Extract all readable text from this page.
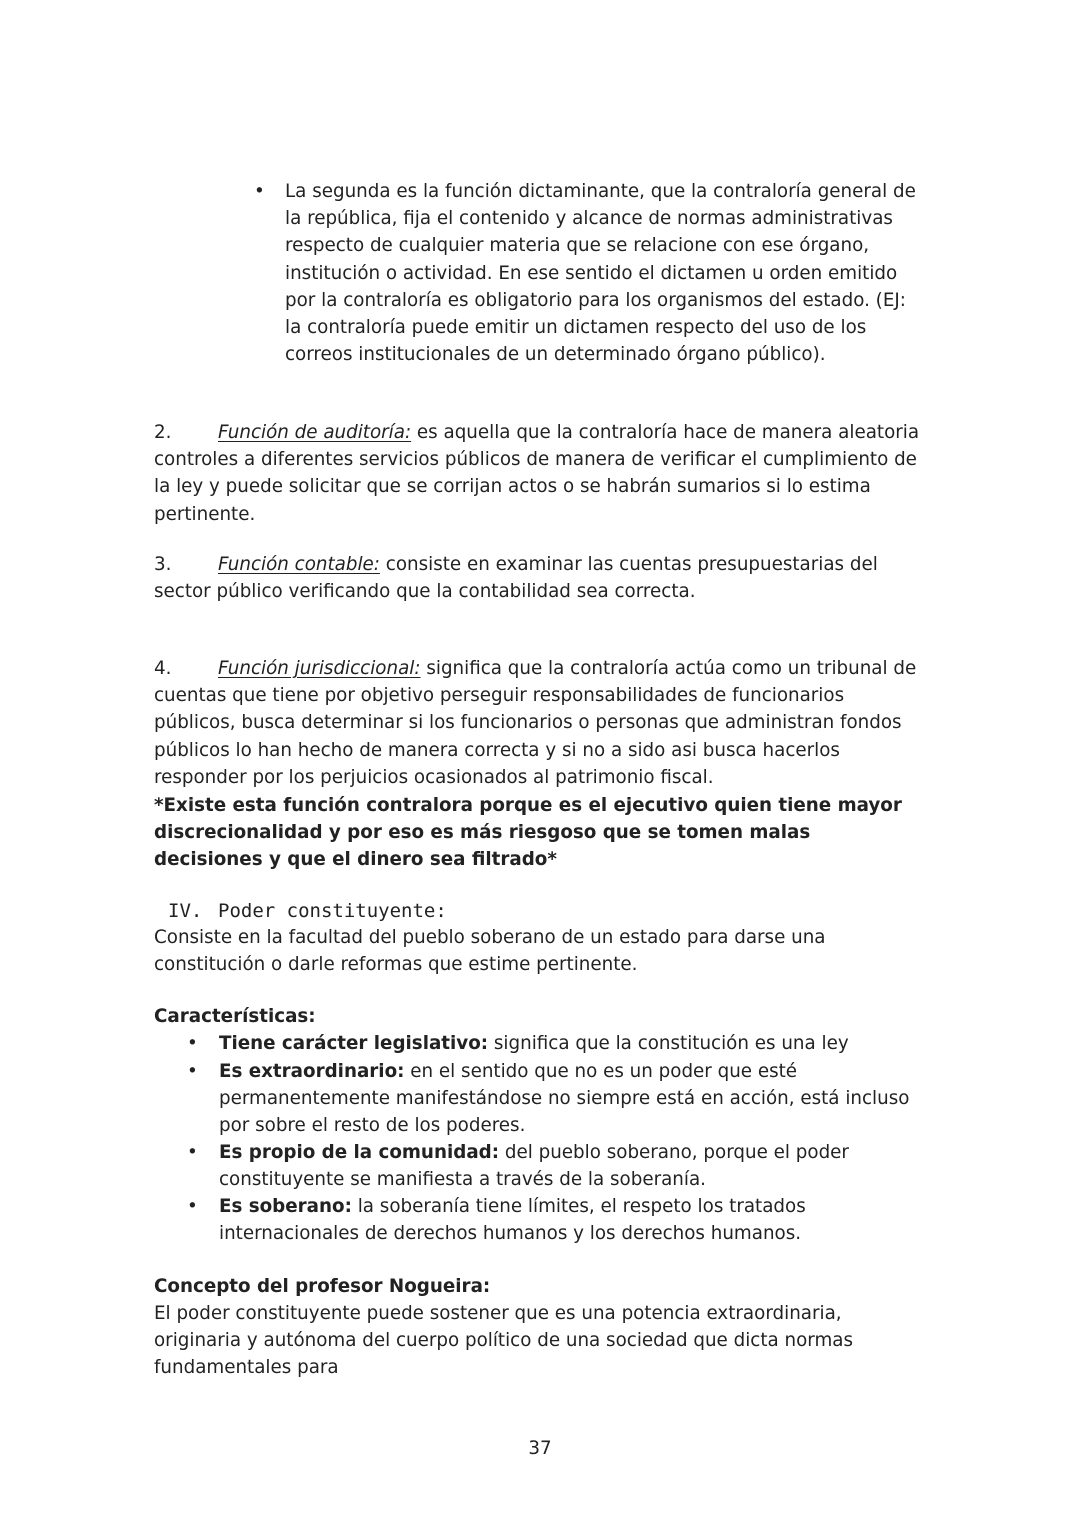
• La segunda es la función dictaminante, que la contraloría general de la república, fija el contenido y alcance de normas administrativas respecto de cualquier materia que se relacione con ese órgano, institución o actividad. En ese sentido el dictamen u orden emitido por la contraloría es obligatorio para los organismos del estado. (EJ: la contraloría puede emitir un dictamen respecto del uso de los correos institucionales de un determinado órgano público).

2.	Función de auditoría: es aquella que la contraloría hace de manera aleatoria controles a diferentes servicios públicos de manera de verificar el cumplimiento de la ley y puede solicitar que se corrijan actos o se habrán sumarios si lo estima pertinente.

3.	Función contable: consiste en examinar las cuentas presupuestarias del sector público verificando que la contabilidad sea correcta.

4.	Función jurisdiccional: significa que la contraloría actúa como un tribunal de cuentas que tiene por objetivo perseguir responsabilidades de funcionarios públicos, busca determinar si los funcionarios o personas que administran fondos públicos lo han hecho de manera correcta y si no a sido asi busca hacerlos responder por los perjuicios ocasionados al patrimonio fiscal.

*Existe esta función contralora porque es el ejecutivo quien tiene mayor discrecionalidad y por eso es más riesgoso que se tomen malas decisiones y que el dinero sea filtrado*

IV. Poder constituyente:

Consiste en la facultad del pueblo soberano de un estado para darse una constitución o darle reformas que estime pertinente.

Características:

• Tiene carácter legislativo: significa que la constitución es una ley

• Es extraordinario: en el sentido que no es un poder que esté permanentemente manifestándose no siempre está en acción, está incluso por sobre el resto de los poderes.

• Es propio de la comunidad: del pueblo soberano, porque el poder constituyente se manifiesta a través de la soberanía.

• Es soberano: la soberanía tiene límites, el respeto los tratados internacionales de derechos humanos y los derechos humanos.

Concepto del profesor Nogueira:

El poder constituyente puede sostener que es una potencia extraordinaria, originaria y autónoma del cuerpo político de una sociedad que dicta normas fundamentales para

37
